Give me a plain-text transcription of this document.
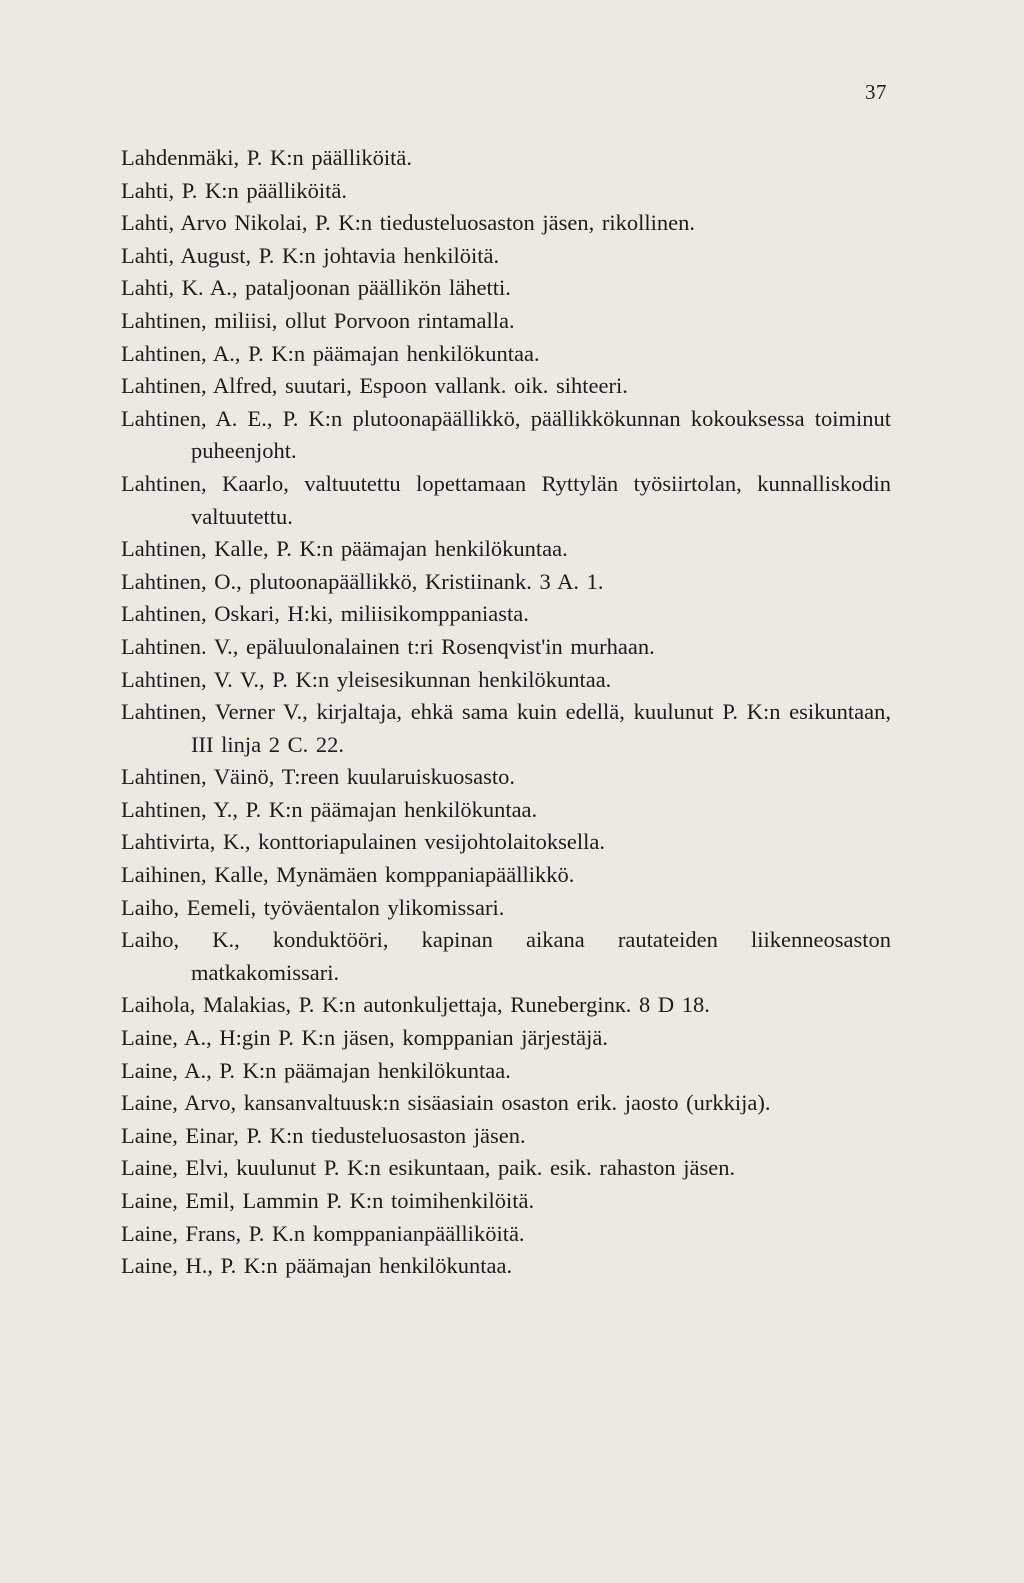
37
Lahdenmäki, P. K:n päälliköitä.
Lahti, P. K:n päälliköitä.
Lahti, Arvo Nikolai, P. K:n tiedusteluosaston jäsen, rikollinen.
Lahti, August, P. K:n johtavia henkilöitä.
Lahti, K. A., pataljoonan päällikön lähetti.
Lahtinen, miliisi, ollut Porvoon rintamalla.
Lahtinen, A., P. K:n päämajan henkilökuntaa.
Lahtinen, Alfred, suutari, Espoon vallank. oik. sihteeri.
Lahtinen, A. E., P. K:n plutoonapäällikkö, päällikkökunnan kokouksessa toiminut puheenjoht.
Lahtinen, Kaarlo, valtuutettu lopettamaan Ryttylän työsiirtolan, kunnalliskodin valtuutettu.
Lahtinen, Kalle, P. K:n päämajan henkilökuntaa.
Lahtinen, O., plutoonapäällikkö, Kristiinank. 3 A. 1.
Lahtinen, Oskari, H:ki, miliisikomppaniasta.
Lahtinen. V., epäluulonalainen t:ri Rosenqvist'in murhaan.
Lahtinen, V. V., P. K:n yleisesikunnan henkilökuntaa.
Lahtinen, Verner V., kirjaltaja, ehkä sama kuin edellä, kuulunut P. K:n esikuntaan, III linja 2 C. 22.
Lahtinen, Väinö, T:reen kuularuiskuosasto.
Lahtinen, Y., P. K:n päämajan henkilökuntaa.
Lahtivirta, K., konttoriapulainen vesijohtolaitoksella.
Laihinen, Kalle, Mynämäen komppaniapäällikkö.
Laiho, Eemeli, työväentalon ylikomissari.
Laiho, K., konduktööri, kapinan aikana rautateiden liikenneosaston matkakomissari.
Laihola, Malakias, P. K:n autonkuljettaja, Runeberginк. 8 D 18.
Laine, A., H:gin P. K:n jäsen, komppanian järjestäjä.
Laine, A., P. K:n päämajan henkilökuntaa.
Laine, Arvo, kansanvaltuusk:n sisäasiain osaston erik. jaosto (urkkija).
Laine, Einar, P. K:n tiedusteluosaston jäsen.
Laine, Elvi, kuulunut P. K:n esikuntaan, paik. esik. rahaston jäsen.
Laine, Emil, Lammin P. K:n toimihenkilöitä.
Laine, Frans, P. K.n komppanianpäälliköitä.
Laine, H., P. K:n päämajan henkilökuntaa.
